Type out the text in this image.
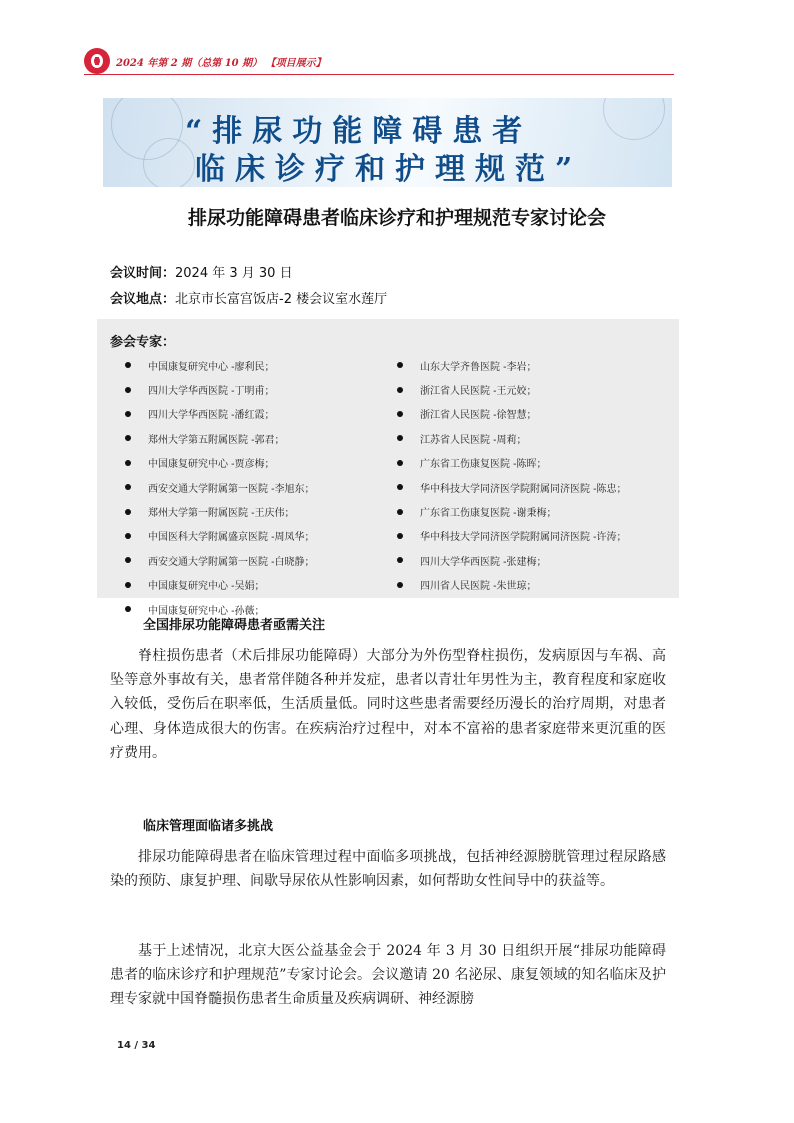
2024 年第 2 期（总第 10 期） 【项目展示】
“排尿功能障碍患者
临床诊疗和护理规范”
排尿功能障碍患者临床诊疗和护理规范专家讨论会
会议时间：2024 年 3 月 30 日
会议地点：北京市长富宫饭店-2 楼会议室水莲厅
参会专家：
中国康复研究中心 -廖利民；
四川大学华西医院 -丁明甫；
四川大学华西医院 -潘红霞；
郑州大学第五附属医院 -郭君；
中国康复研究中心 -贾彦梅；
西安交通大学附属第一医院 -李旭东；
郑州大学第一附属医院 -王庆伟；
中国医科大学附属盛京医院 -周凤华；
西安交通大学附属第一医院 -白晓静；
中国康复研究中心 -吴娟；
中国康复研究中心 -孙薇；
山东大学齐鲁医院 -李岩；
浙江省人民医院 -王元姣；
浙江省人民医院 -徐智慧；
江苏省人民医院 -周莉；
广东省工伤康复医院 -陈晖；
华中科技大学同济医学院附属同济医院 -陈忠；
广东省工伤康复医院 -谢秉梅；
华中科技大学同济医学院附属同济医院 -许涛；
四川大学华西医院 -张建梅；
四川省人民医院 -朱世琼；
全国排尿功能障碍患者亟需关注

脊柱损伤患者（术后排尿功能障碍）大部分为外伤型脊柱损伤，发病原因与车祸、高坠等意外事故有关，患者常伴随各种并发症，患者以青壮年男性为主，教育程度和家庭收入较低，受伤后在职率低，生活质量低。同时这些患者需要经历漫长的治疗周期，对患者心理、身体造成很大的伤害。在疾病治疗过程中，对本不富裕的患者家庭带来更沉重的医疗费用。

临床管理面临诸多挑战

排尿功能障碍患者在临床管理过程中面临多项挑战，包括神经源膀胱管理过程尿路感染的预防、康复护理、间歇导尿依从性影响因素，如何帮助女性间导中的获益等。

基于上述情况，北京大医公益基金会于 2024 年 3 月 30 日组织开展“排尿功能障碍患者的临床诊疗和护理规范”专家讨论会。会议邀请 20 名泌尿、康复领域的知名临床及护理专家就中国脊髓损伤患者生命质量及疾病调研、神经源膀

14 / 34
